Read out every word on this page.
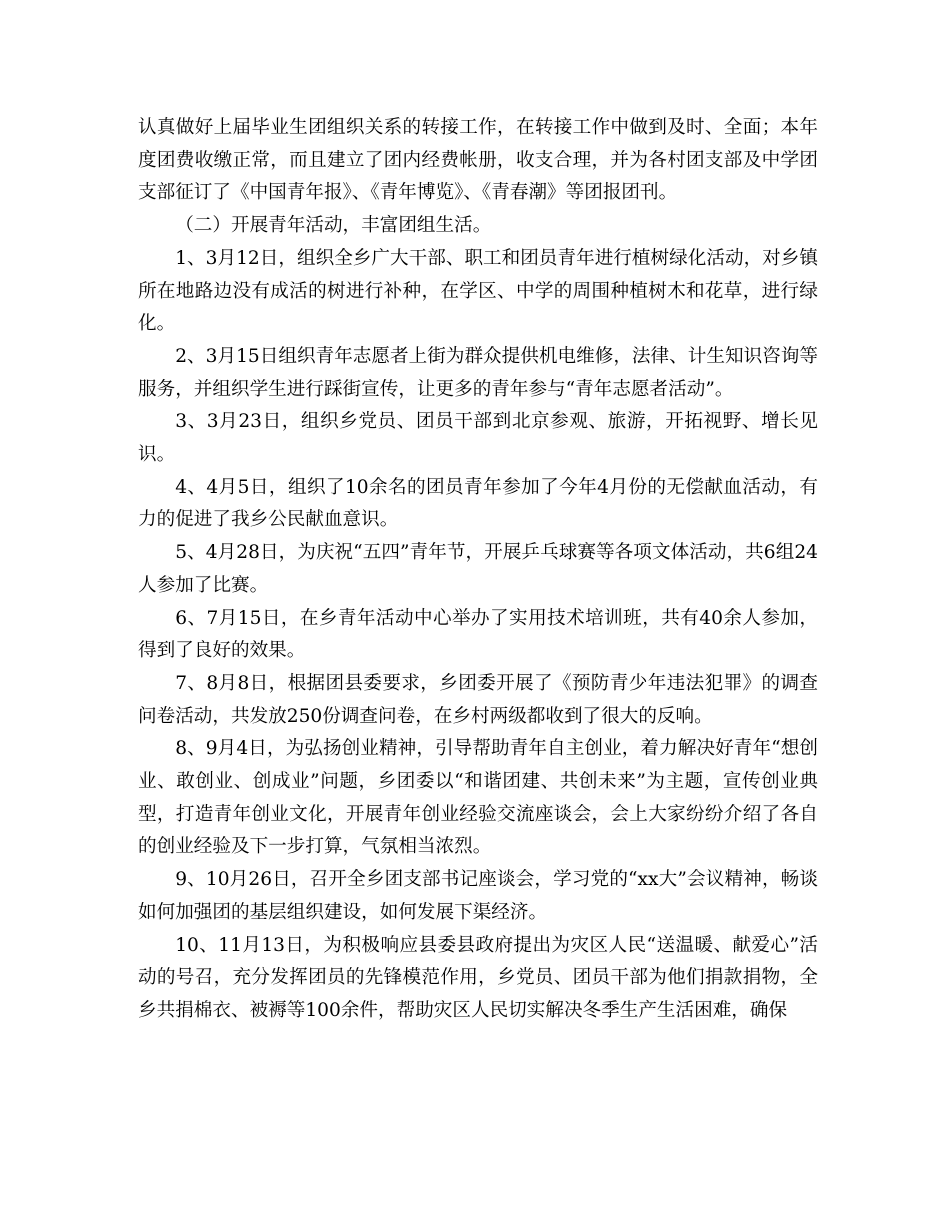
认真做好上届毕业生团组织关系的转接工作，在转接工作中做到及时、全面；本年度团费收缴正常，而且建立了团内经费帐册，收支合理，并为各村团支部及中学团支部征订了《中国青年报》、《青年博览》、《青春潮》等团报团刊。

（二）开展青年活动，丰富团组生活。

1、3月12日，组织全乡广大干部、职工和团员青年进行植树绿化活动，对乡镇所在地路边没有成活的树进行补种，在学区、中学的周围种植树木和花草，进行绿化。

2、3月15日组织青年志愿者上街为群众提供机电维修，法律、计生知识咨询等服务，并组织学生进行踩街宣传，让更多的青年参与“青年志愿者活动”。

3、3月23日，组织乡党员、团员干部到北京参观、旅游，开拓视野、增长见识。

4、4月5日，组织了10余名的团员青年参加了今年4月份的无偿献血活动，有力的促进了我乡公民献血意识。

5、4月28日，为庆祝“五四”青年节，开展乒乓球赛等各项文体活动，共6组24人参加了比赛。

6、7月15日，在乡青年活动中心举办了实用技术培训班，共有40余人参加，得到了良好的效果。

7、8月8日，根据团县委要求，乡团委开展了《预防青少年违法犯罪》的调查问卷活动，共发放250份调查问卷，在乡村两级都收到了很大的反响。

8、9月4日，为弘扬创业精神，引导帮助青年自主创业，着力解决好青年“想创业、敢创业、创成业”问题，乡团委以“和谐团建、共创未来”为主题，宣传创业典型，打造青年创业文化，开展青年创业经验交流座谈会，会上大家纷纷介绍了各自的创业经验及下一步打算，气氛相当浓烈。

9、10月26日，召开全乡团支部书记座谈会，学习党的“xx大”会议精神，畅谈如何加强团的基层组织建设，如何发展下渠经济。

10、11月13日，为积极响应县委县政府提出为灾区人民“送温暖、献爱心”活动的号召，充分发挥团员的先锋模范作用，乡党员、团员干部为他们捐款捐物，全乡共捐棉衣、被褥等100余件，帮助灾区人民切实解决冬季生产生活困难，确保
